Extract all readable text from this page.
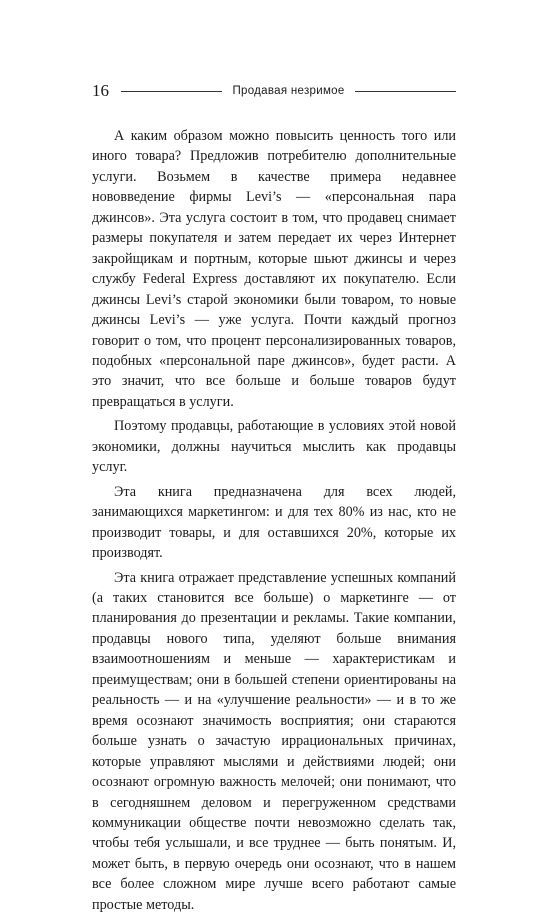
16	Продавая незримое

А каким образом можно повысить ценность того или иного товара? Предложив потребителю дополнительные услуги. Возьмем в качестве примера недавнее нововведение фирмы Levi’s — «персональная пара джинсов». Эта услуга состоит в том, что продавец снимает размеры покупателя и затем передает их через Интернет закройщикам и портным, которые шьют джинсы и через службу Federal Express доставляют их покупателю. Если джинсы Levi’s старой экономики были товаром, то новые джинсы Levi’s — уже услуга. Почти каждый прогноз говорит о том, что процент персонализированных товаров, подобных «персональной паре джинсов», будет расти. А это значит, что все больше и больше товаров будут превращаться в услуги.

Поэтому продавцы, работающие в условиях этой новой экономики, должны научиться мыслить как продавцы услуг.

Эта книга предназначена для всех людей, занимающихся маркетингом: и для тех 80% из нас, кто не производит товары, и для оставшихся 20%, которые их производят.

Эта книга отражает представление успешных компаний (а таких становится все больше) о маркетинге — от планирования до презентации и рекламы. Такие компании, продавцы нового типа, уделяют больше внимания взаимоотношениям и меньше — характеристикам и преимуществам; они в большей степени ориентированы на реальность — и на «улучшение реальности» — и в то же время осознают значимость восприятия; они стараются больше узнать о зачастую иррациональных причинах, которые управляют мыслями и действиями людей; они осознают огромную важность мелочей; они понимают, что в сегодняшнем деловом и перегруженном средствами коммуникации обществе почти невозможно сделать так, чтобы тебя услышали, и все труднее — быть понятым. И, может быть, в первую очередь они осознают, что в нашем все более сложном мире лучше всего работают самые простые методы.
